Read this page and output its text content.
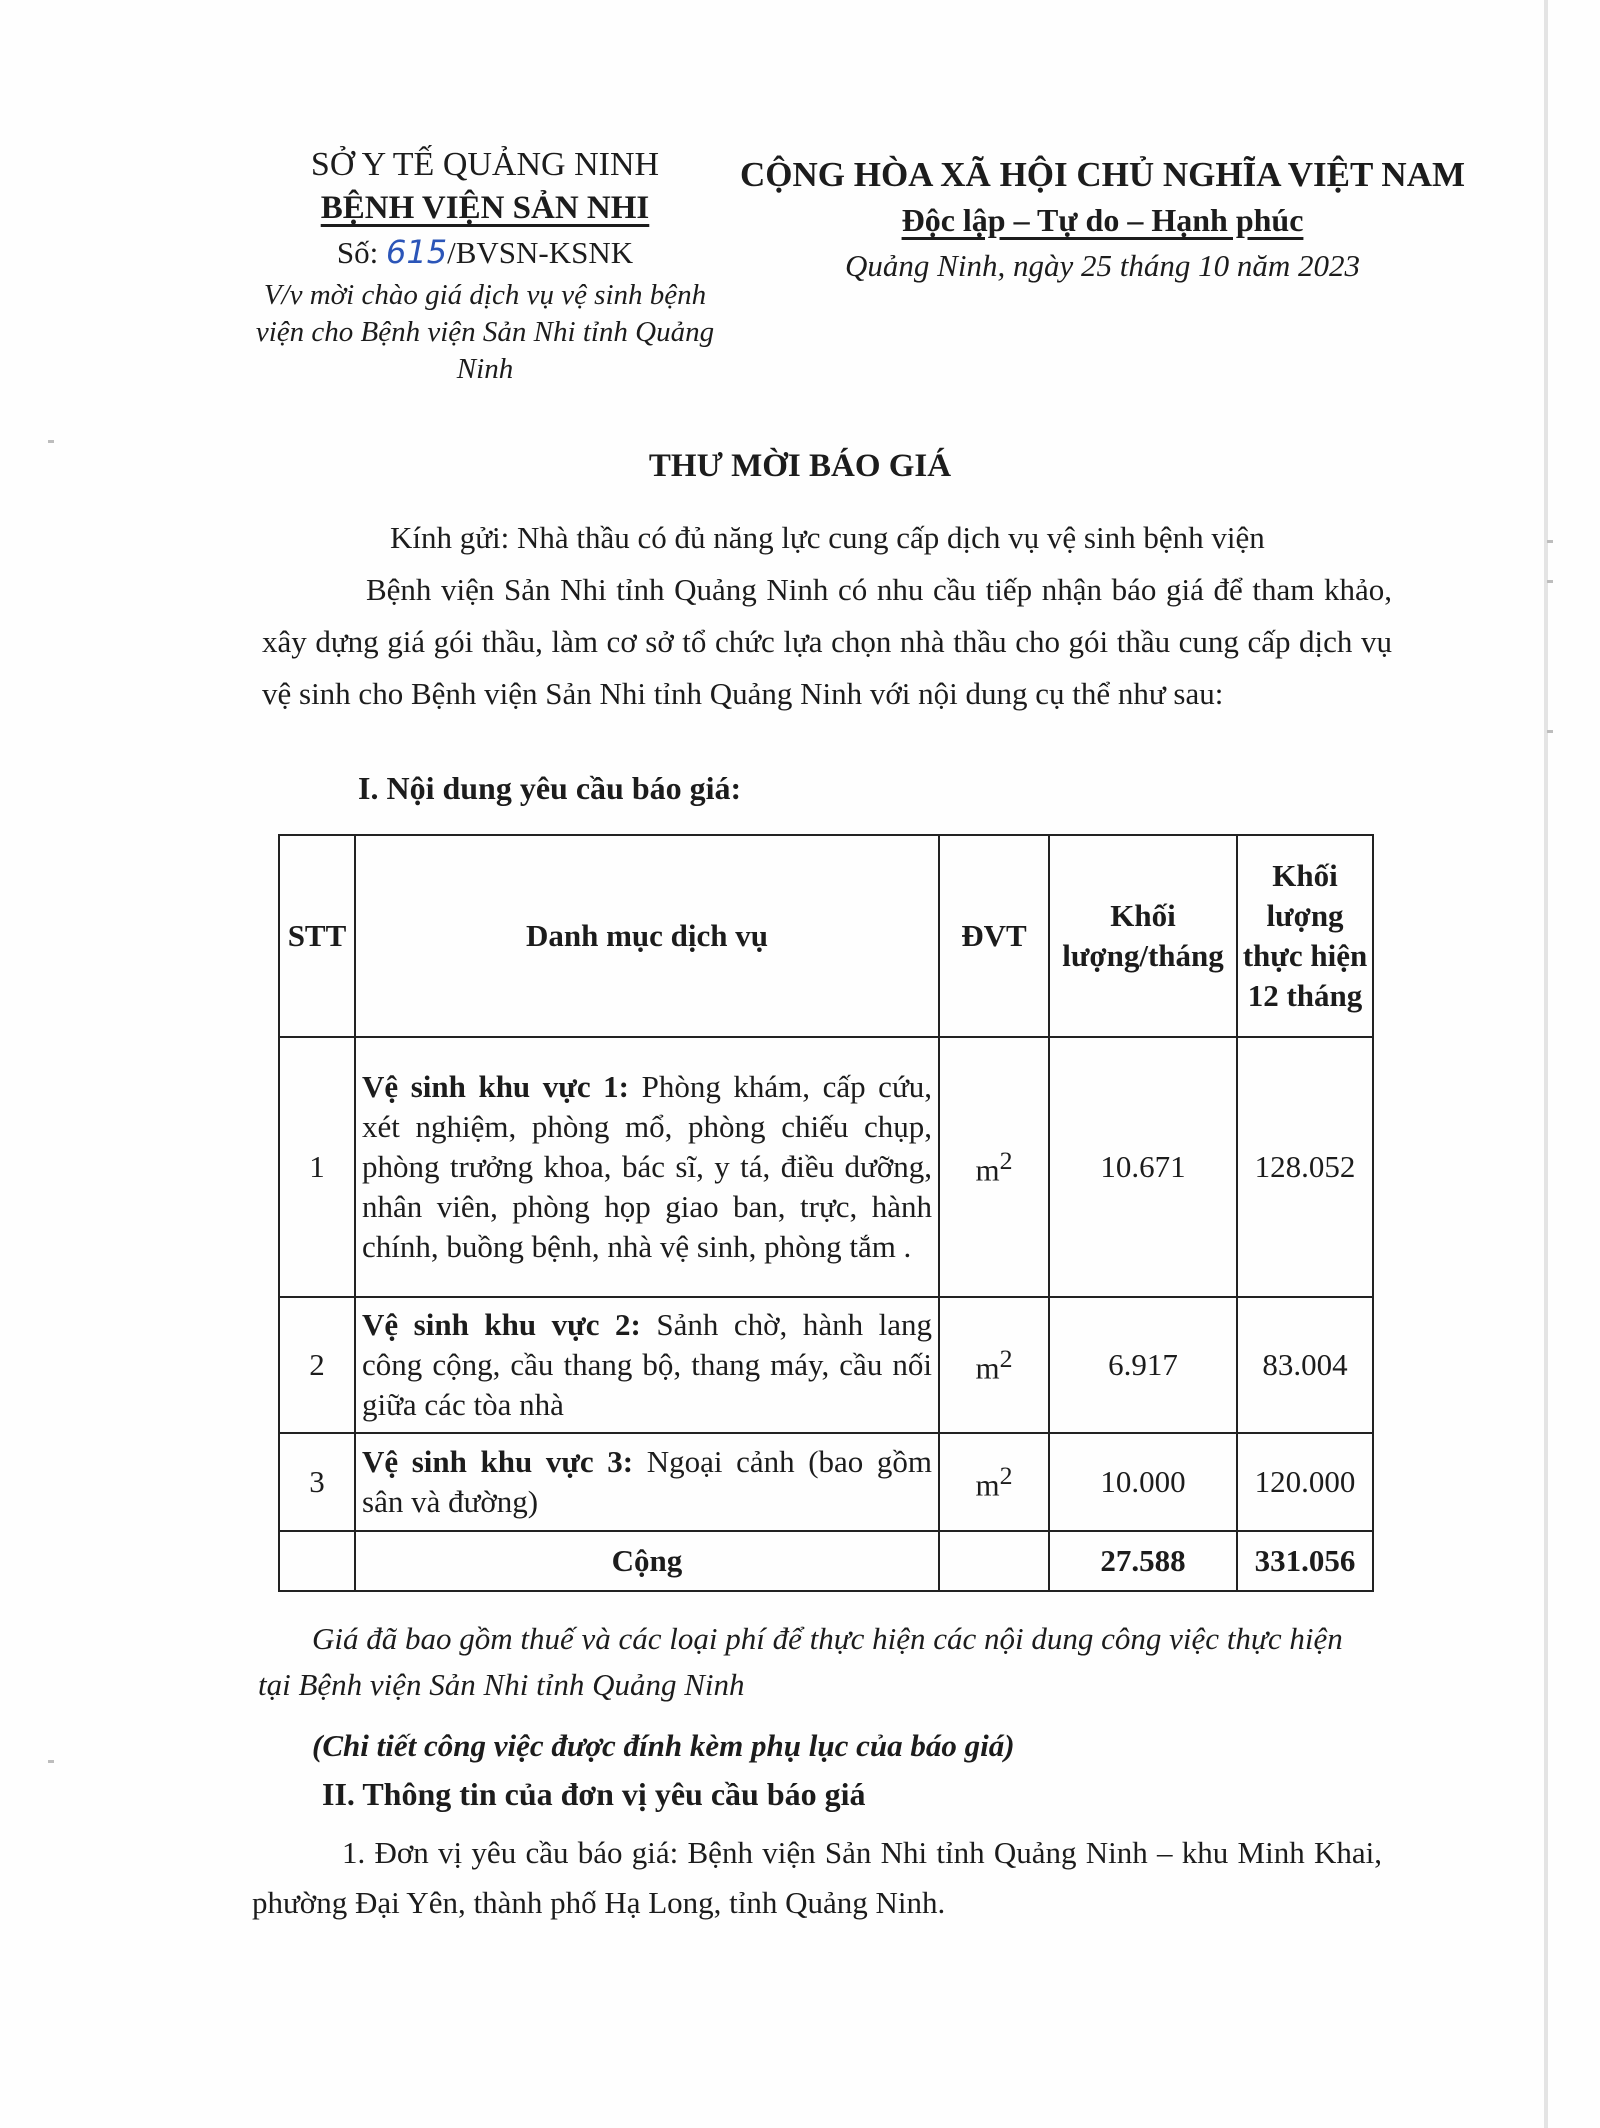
SỞ Y TẾ QUẢNG NINH
BỆNH VIỆN SẢN NHI
Số: 615/BVSN-KSNK
V/v mời chào giá dịch vụ vệ sinh bệnh viện cho Bệnh viện Sản Nhi tỉnh Quảng Ninh
CỘNG HÒA XÃ HỘI CHỦ NGHĨA VIỆT NAM
Độc lập – Tự do – Hạnh phúc
Quảng Ninh, ngày 25 tháng 10 năm 2023
THƯ MỜI BÁO GIÁ

Kính gửi: Nhà thầu có đủ năng lực cung cấp dịch vụ vệ sinh bệnh viện

Bệnh viện Sản Nhi tỉnh Quảng Ninh có nhu cầu tiếp nhận báo giá để tham khảo, xây dựng giá gói thầu, làm cơ sở tổ chức lựa chọn nhà thầu cho gói thầu cung cấp dịch vụ vệ sinh cho Bệnh viện Sản Nhi tỉnh Quảng Ninh với nội dung cụ thể như sau:

I. Nội dung yêu cầu báo giá:
STT	Danh mục dịch vụ	ĐVT	Khối lượng/tháng	Khối lượng thực hiện 12 tháng
1	Vệ sinh khu vực 1: Phòng khám, cấp cứu, xét nghiệm, phòng mổ, phòng chiếu chụp, phòng trưởng khoa, bác sĩ, y tá, điều dưỡng, nhân viên, phòng họp giao ban, trực, hành chính, buồng bệnh, nhà vệ sinh, phòng tắm .	$m^2$	10.671	128.052
2	Vệ sinh khu vực 2: Sảnh chờ, hành lang công cộng, cầu thang bộ, thang máy, cầu nối giữa các tòa nhà	$m^2$	6.917	83.004
3	Vệ sinh khu vực 3: Ngoại cảnh (bao gồm sân và đường)	$m^2$	10.000	120.000
	Cộng		27.588	331.056
Giá đã bao gồm thuế và các loại phí để thực hiện các nội dung công việc thực hiện tại Bệnh viện Sản Nhi tỉnh Quảng Ninh
(Chi tiết công việc được đính kèm phụ lục của báo giá)
II. Thông tin của đơn vị yêu cầu báo giá
1. Đơn vị yêu cầu báo giá: Bệnh viện Sản Nhi tỉnh Quảng Ninh – khu Minh Khai, phường Đại Yên, thành phố Hạ Long, tỉnh Quảng Ninh.
